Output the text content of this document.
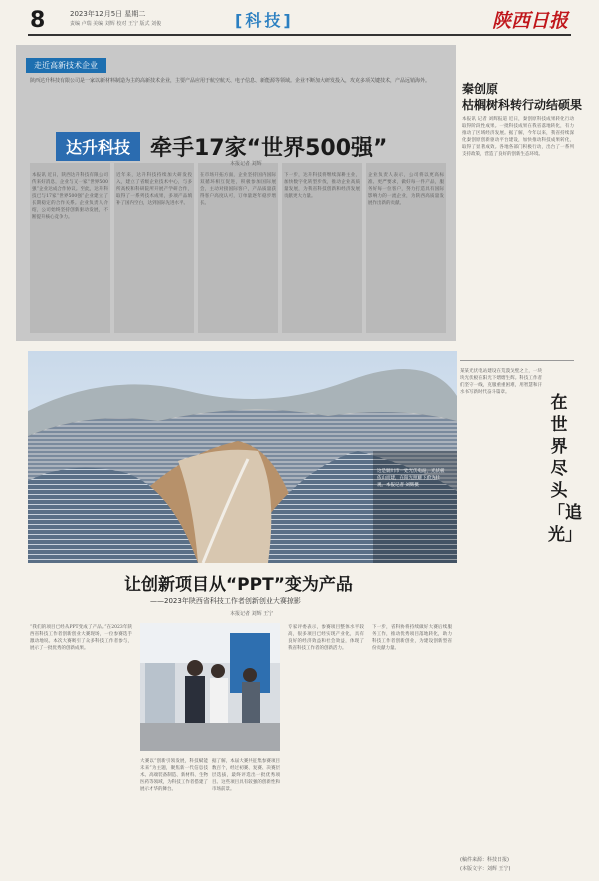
8	2023年12月5日 星期二
责编 卢瑞 美编 刘辉 校对 王宁 版式 刘俊	[科技]	陕西日报
走近高新技术企业
陕西达升科技有限公司是一家以新材料制造为主的高新技术企业，主要产品应用于航空航天、电子信息、新能源等领域。企业不断加大研发投入，攻克多项关键技术，产品远销海外。
达升科技 牵手17家“世界500强”
本报记者 刘辉
本报讯 近日，陕西达升科技有限公司传来好消息，企业与又一家“世界500强”企业达成合作协议。至此，达升科技已与17家“世界500强”企业建立了长期稳定的合作关系。企业负责人介绍，公司始终坚持创新驱动发展，不断提升核心竞争力。
近年来，达升科技持续加大研发投入，建立了省级企业技术中心，与多所高校和科研院所开展产学研合作，取得了一系列技术成果，多项产品填补了国内空白，达到国际先进水平。
在市场开拓方面，企业坚持国内国际双循环相互促进，积极参加国际展会，主动对接国际客户，产品质量获得客户高度认可，订单量逐年稳步增长。
下一步，达升科技将继续深耕主业，加快数字化转型步伐，推动企业高质量发展，为我省科技创新和经济发展贡献更大力量。
企业负责人表示，公司将以更高标准、更严要求，做好每一件产品，服务好每一位客户，努力打造具有国际影响力的一流企业，为陕西高质量发展作出新的贡献。
秦创原
枯榈树科转行动结硕果
本报讯 记者 刘辉报道 近日，秦创原科技成果转化行动取得阶段性成果。一批科技成果在我省落地转化，有力推动了区域经济发展。据了解，今年以来，我省持续深化秦创原创新驱动平台建设，加快推动科技成果转化，取得了显著成效。各地各部门积极行动，出台了一系列支持政策，营造了良好的创新生态环境。
某某光伏电站建设在荒漠戈壁之上，一块块光伏板在阳光下熠熠生辉。科技工作者们坚守一线，克服重重困难，用智慧和汗水书写新时代奋斗篇章。
在世界尽头「追光」
这是铜川市一处光伏电站，光伏板依山而建，在阳光照耀下蔚为壮观。本报记者 刘辉摄
让创新项目从“PPT”变为产品
——2023年陕西省科技工作者创新创业大赛掠影
本报记者 刘辉 王宁
“我们的项目已经从PPT变成了产品。”在2023年陕西省科技工作者创新创业大赛现场，一位参赛选手激动地说。本次大赛吸引了众多科技工作者参与，展示了一批优秀的创新成果。
大赛以“创新引领发展，科技赋能未来”为主题，聚焦新一代信息技术、高端装备制造、新材料、生物医药等领域，为科技工作者搭建了展示才华的舞台。
据了解，本届大赛共征集参赛项目数百个，经过初赛、复赛、决赛层层选拔，最终评选出一批优秀项目。这些项目具有较强的创新性和市场前景。
专家评委表示，参赛项目整体水平较高，很多项目已经实现产业化，具有良好的经济效益和社会效益，体现了我省科技工作者的创新活力。
下一步，省科协将持续做好大赛后续服务工作，推动优秀项目落地转化，助力科技工作者创新创业，为建设创新型省份贡献力量。
(稿件来源：科技日报)
(本版文字：刘辉 王宁)
